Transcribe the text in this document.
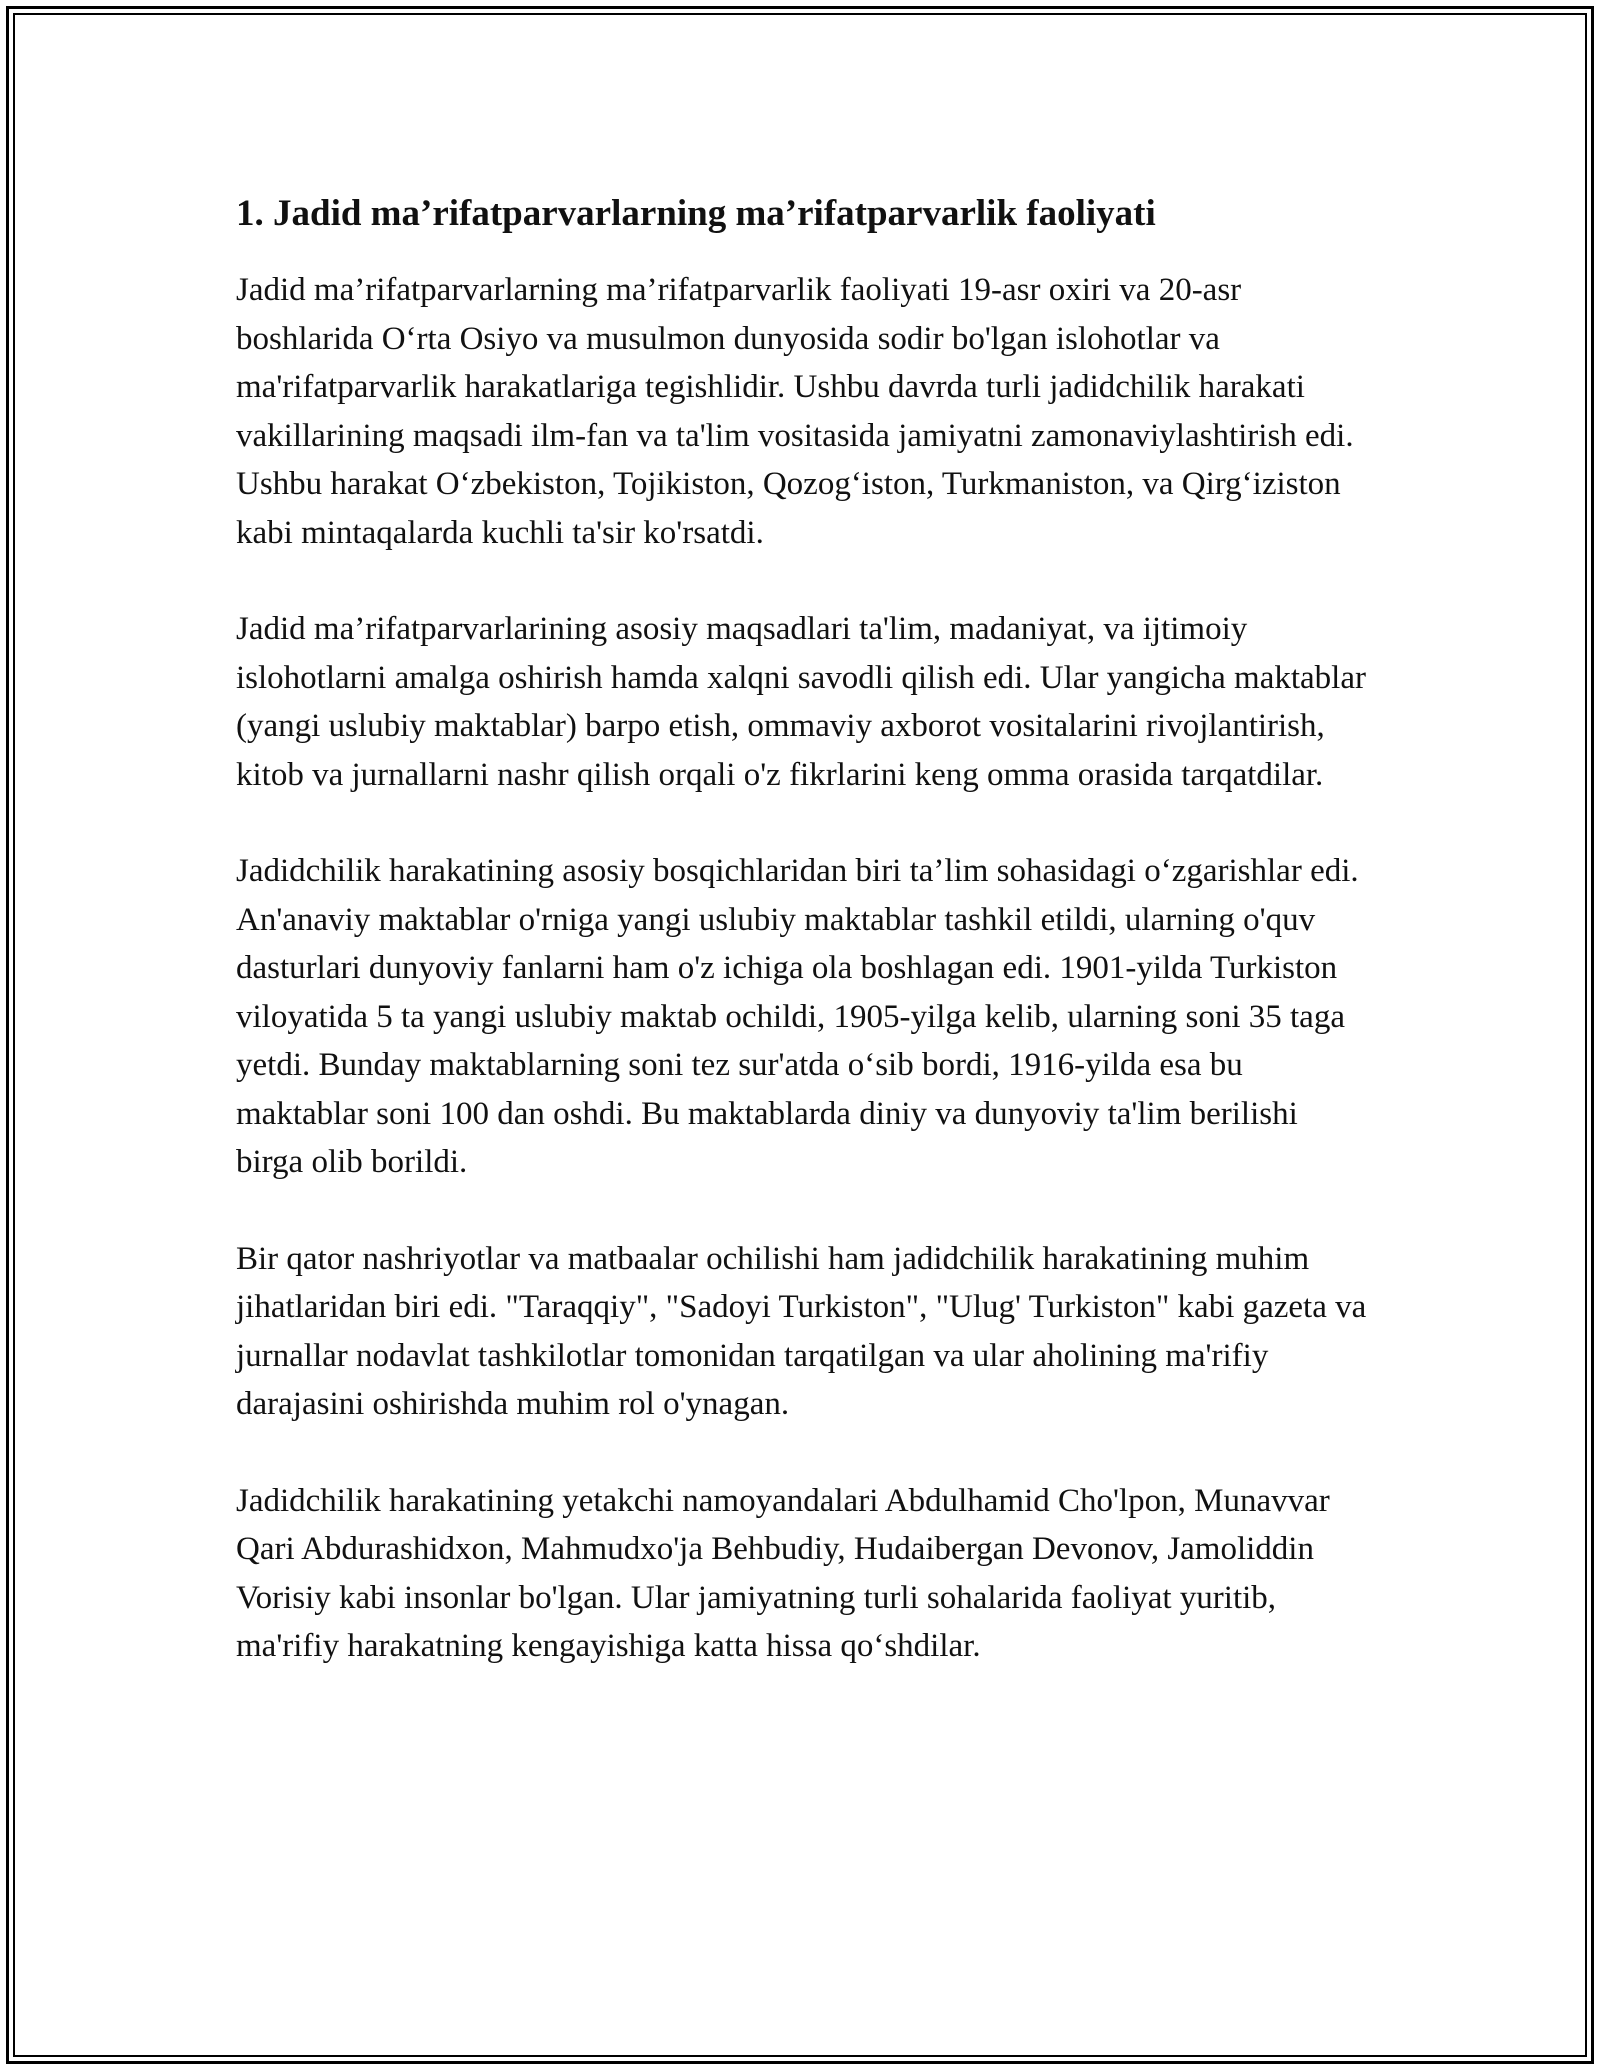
1. Jadid ma’rifatparvarlarning ma’rifatparvarlik faoliyati

Jadid ma’rifatparvarlarning ma’rifatparvarlik faoliyati 19-asr oxiri va 20-asr boshlarida O‘rta Osiyo va musulmon dunyosida sodir bo'lgan islohotlar va ma'rifatparvarlik harakatlariga tegishlidir. Ushbu davrda turli jadidchilik harakati vakillarining maqsadi ilm-fan va ta'lim vositasida jamiyatni zamonaviylashtirish edi. Ushbu harakat O‘zbekiston, Tojikiston, Qozog‘iston, Turkmaniston, va Qirg‘iziston kabi mintaqalarda kuchli ta'sir ko'rsatdi.

Jadid ma’rifatparvarlarining asosiy maqsadlari ta'lim, madaniyat, va ijtimoiy islohotlarni amalga oshirish hamda xalqni savodli qilish edi. Ular yangicha maktablar (yangi uslubiy maktablar) barpo etish, ommaviy axborot vositalarini rivojlantirish, kitob va jurnallarni nashr qilish orqali o'z fikrlarini keng omma orasida tarqatdilar.

Jadidchilik harakatining asosiy bosqichlaridan biri ta’lim sohasidagi o‘zgarishlar edi. An'anaviy maktablar o'rniga yangi uslubiy maktablar tashkil etildi, ularning o'quv dasturlari dunyoviy fanlarni ham o'z ichiga ola boshlagan edi. 1901-yilda Turkiston viloyatida 5 ta yangi uslubiy maktab ochildi, 1905-yilga kelib, ularning soni 35 taga yetdi. Bunday maktablarning soni tez sur'atda o‘sib bordi, 1916-yilda esa bu maktablar soni 100 dan oshdi. Bu maktablarda diniy va dunyoviy ta'lim berilishi birga olib borildi.

Bir qator nashriyotlar va matbaalar ochilishi ham jadidchilik harakatining muhim jihatlaridan biri edi. "Taraqqiy", "Sadoyi Turkiston", "Ulug' Turkiston" kabi gazeta va jurnallar nodavlat tashkilotlar tomonidan tarqatilgan va ular aholining ma'rifiy darajasini oshirishda muhim rol o'ynagan.

Jadidchilik harakatining yetakchi namoyandalari Abdulhamid Cho'lpon, Munavvar Qari Abdurashidxon, Mahmudxo'ja Behbudiy, Hudaibergan Devonov, Jamoliddin Vorisiy kabi insonlar bo'lgan. Ular jamiyatning turli sohalarida faoliyat yuritib, ma'rifiy harakatning kengayishiga katta hissa qo‘shdilar.
